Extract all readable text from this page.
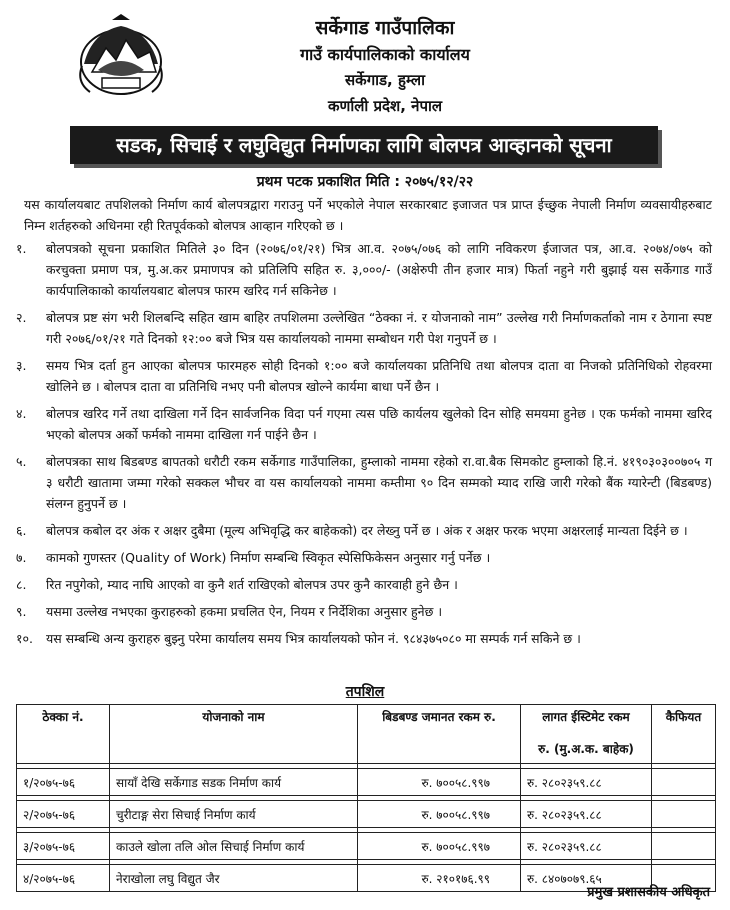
सर्केगाड गाउँपालिका
गाउँ कार्यपालिकाको कार्यालय
सर्केगाड, हुम्ला
कर्णाली प्रदेश, नेपाल
सडक, सिचाई र लघुविद्युत निर्माणका लागि बोलपत्र आव्हानको सूचना
प्रथम पटक प्रकाशित मिति : २०७५/१२/२२
यस कार्यालयबाट तपशिलको निर्माण कार्य बोलपत्रद्वारा गराउनु पर्ने भएकोले नेपाल सरकारबाट इजाजत पत्र प्राप्त ईच्छुक नेपाली निर्माण व्यवसायीहरुबाट निम्न शर्तहरुको अधिनमा रही रितपूर्वकको बोलपत्र आव्हान गरिएको छ ।
१.	बोलपत्रको सूचना प्रकाशित मितिले ३० दिन (२०७६/०१/२१) भित्र आ.व. २०७५/०७६ को लागि नविकरण ईजाजत पत्र, आ.व. २०७४/०७५ को करचुक्ता प्रमाण पत्र, मु.अ.कर प्रमाणपत्र को प्रतिलिपि सहित रु. ३,०००/- (अक्षेरुपी तीन हजार मात्र) फिर्ता नहुने गरी बुझाई यस सर्केगाड गाउँ कार्यपालिकाको कार्यालयबाट बोलपत्र फारम खरिद गर्न सकिनेछ ।
२.	बोलपत्र प्रष्ट संग भरी शिलबन्दि सहित खाम बाहिर तपशिलमा उल्लेखित “ठेक्का नं. र योजनाको नाम” उल्लेख गरी निर्माणकर्ताको नाम र ठेगाना स्पष्ट गरी २०७६/०१/२१ गते दिनको १२:०० बजे भित्र यस कार्यालयको नाममा सम्बोधन गरी पेश गनुपर्ने छ ।
३.	समय भित्र दर्ता हुन आएका बोलपत्र फारमहरु सोही दिनको १:०० बजे कार्यालयका प्रतिनिधि तथा बोलपत्र दाता वा निजको प्रतिनिधिको रोहवरमा खोलिने छ । बोलपत्र दाता वा प्रतिनिधि नभए पनी बोलपत्र खोल्ने कार्यमा बाधा पर्ने छैन ।
४.	बोलपत्र खरिद गर्ने तथा दाखिला गर्ने दिन सार्वजनिक विदा पर्न गएमा त्यस पछि कार्यलय खुलेको दिन सोहि समयमा हुनेछ । एक फर्मको नाममा खरिद भएको बोलपत्र अर्को फर्मको नाममा दाखिला गर्न पाईने छैन ।
५.	बोलपत्रका साथ बिडबण्ड बापतको धरौटी रकम सर्केगाड गाउँपालिका, हुम्लाको नाममा रहेको रा.वा.बैक सिमकोट हुम्लाको हि.नं. ४१९०३०३००७०५ ग ३ धरौटी खातामा जम्मा गरेको सक्कल भौचर वा यस कार्यालयको नाममा कम्तीमा ९० दिन सम्मको म्याद राखि जारी गरेको बैंक ग्यारेन्टी (बिडबण्ड) संलग्न हुनुपर्ने छ ।
६.	बोलपत्र कबोल दर अंक र अक्षर दुबैमा (मूल्य अभिवृद्धि कर बाहेकको) दर लेख्नु पर्ने छ । अंक र अक्षर फरक भएमा अक्षरलाई मान्यता दिईने छ ।
७.	कामको गुणस्तर (Quality of Work) निर्माण सम्बन्धि स्विकृत स्पेसिफिकेसन अनुसार गर्नु पर्नेछ ।
८.	रित नपुगेको, म्याद नाघि आएको वा कुनै शर्त राखिएको बोलपत्र उपर कुनै कारवाही हुने छैन ।
९.	यसमा उल्लेख नभएका कुराहरुको हकमा प्रचलित ऐन, नियम र निर्देशिका अनुसार हुनेछ ।
१०.	यस सम्बन्धि अन्य कुराहरु बुझ्नु परेमा कार्यालय समय भित्र कार्यालयको फोन नं. ९८४३७५०८० मा सम्पर्क गर्न सकिने छ ।
तपशिल
ठेक्का नं.	योजनाको नाम	बिडबण्ड जमानत रकम रु.	लागत ईस्टिमेट रकम	कैफियत
			रु. (मु.अ.क. बाहेक)	

१/२०७५-७६	सायाँ देखि सर्केगाड सडक निर्माण कार्य	रु. ७००५८.९९७	रु. २८०२३५९.८८	

२/२०७५-७६	चुरीटाङ्ग सेरा सिचाई निर्माण कार्य	रु. ७००५८.९९७	रु. २८०२३५९.८८	

३/२०७५-७६	काउले खोला तलि ओल सिचाई निर्माण कार्य	रु. ७००५८.९९७	रु. २८०२३५९.८८	

४/२०७५-७६	नेराखोला लघु विद्युत जैर	रु. २१०१७६.९९	रु. ८४०७०७९.६५	
प्रमुख प्रशासकीय अधिकृत
